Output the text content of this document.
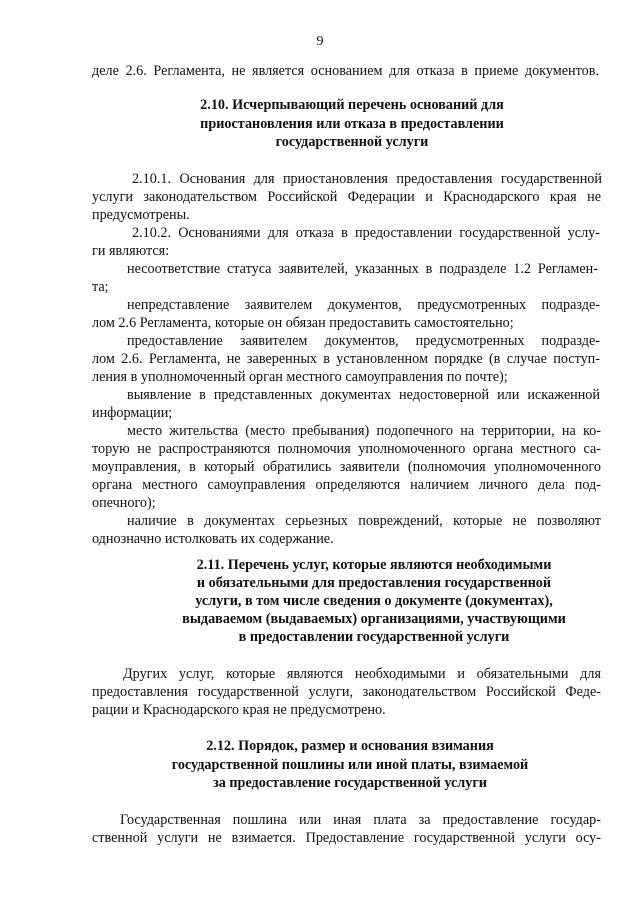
9
деле 2.6. Регламента, не является основанием для отказа в приеме документов.
2.10. Исчерпывающий перечень оснований для
приостановления или отказа в предоставлении
государственной услуги
2.10.1. Основания для приостановления предоставления государственной
услуги законодательством Российской Федерации и Краснодарского края не
предусмотрены.
2.10.2. Основаниями для отказа в предоставлении государственной услу-
ги являются:
несоответствие статуса заявителей, указанных в подразделе 1.2 Регламен-
та;
непредставление заявителем документов, предусмотренных подразде-
лом 2.6 Регламента, которые он обязан предоставить самостоятельно;
предоставление заявителем документов, предусмотренных подразде-
лом 2.6. Регламента, не заверенных в установленном порядке (в случае поступ-
ления в уполномоченный орган местного самоуправления по почте);
выявление в представленных документах недостоверной или искаженной
информации;
место жительства (место пребывания) подопечного на территории, на ко-
торую не распространяются полномочия уполномоченного органа местного са-
моуправления, в который обратились заявители (полномочия уполномоченного
органа местного самоуправления определяются наличием личного дела под-
опечного);
наличие в документах серьезных повреждений, которые не позволяют
однозначно истолковать их содержание.
2.11. Перечень услуг, которые являются необходимыми
и обязательными для предоставления государственной
услуги, в том числе сведения о документе (документах),
выдаваемом (выдаваемых) организациями, участвующими
в предоставлении государственной услуги
Других услуг, которые являются необходимыми и обязательными для
предоставления государственной услуги, законодательством Российской Феде-
рации и Краснодарского края не предусмотрено.
2.12. Порядок, размер и основания взимания
государственной пошлины или иной платы, взимаемой
за предоставление государственной услуги
Государственная пошлина или иная плата за предоставление государ-
ственной услуги не взимается. Предоставление государственной услуги осу-
